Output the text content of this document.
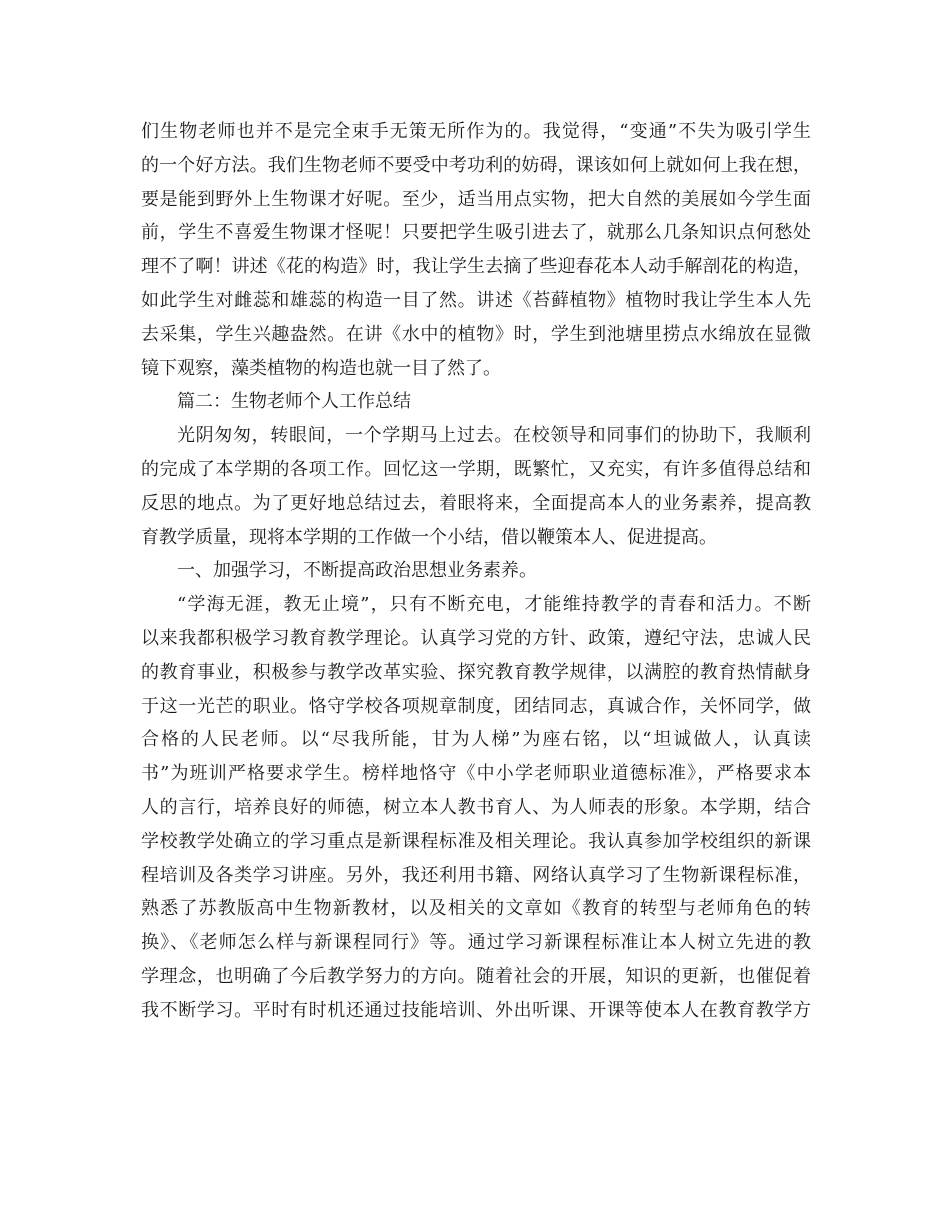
们生物老师也并不是完全束手无策无所作为的。我觉得，“变通”不失为吸引学生
的一个好方法。我们生物老师不要受中考功利的妨碍，课该如何上就如何上我在想，
要是能到野外上生物课才好呢。至少，适当用点实物，把大自然的美展如今学生面
前，学生不喜爱生物课才怪呢！只要把学生吸引进去了，就那么几条知识点何愁处
理不了啊！讲述《花的构造》时，我让学生去摘了些迎春花本人动手解剖花的构造，
如此学生对雌蕊和雄蕊的构造一目了然。讲述《苔藓植物》植物时我让学生本人先
去采集，学生兴趣盎然。在讲《水中的植物》时，学生到池塘里捞点水绵放在显微
镜下观察，藻类植物的构造也就一目了然了。
篇二：生物老师个人工作总结
光阴匆匆，转眼间，一个学期马上过去。在校领导和同事们的协助下，我顺利
的完成了本学期的各项工作。回忆这一学期，既繁忙，又充实，有许多值得总结和
反思的地点。为了更好地总结过去，着眼将来，全面提高本人的业务素养，提高教
育教学质量，现将本学期的工作做一个小结，借以鞭策本人、促进提高。
一、加强学习，不断提高政治思想业务素养。
“学海无涯，教无止境”，只有不断充电，才能维持教学的青春和活力。不断
以来我都积极学习教育教学理论。认真学习党的方针、政策，遵纪守法，忠诚人民
的教育事业，积极参与教学改革实验、探究教育教学规律，以满腔的教育热情献身
于这一光芒的职业。恪守学校各项规章制度，团结同志，真诚合作，关怀同学，做
合格的人民老师。以“尽我所能，甘为人梯”为座右铭，以“坦诚做人，认真读
书”为班训严格要求学生。榜样地恪守《中小学老师职业道德标准》，严格要求本
人的言行，培养良好的师德，树立本人教书育人、为人师表的形象。本学期，结合
学校教学处确立的学习重点是新课程标准及相关理论。我认真参加学校组织的新课
程培训及各类学习讲座。另外，我还利用书籍、网络认真学习了生物新课程标准，
熟悉了苏教版高中生物新教材，以及相关的文章如《教育的转型与老师角色的转
换》、《老师怎么样与新课程同行》等。通过学习新课程标准让本人树立先进的教
学理念，也明确了今后教学努力的方向。随着社会的开展，知识的更新，也催促着
我不断学习。平时有时机还通过技能培训、外出听课、开课等使本人在教育教学方
